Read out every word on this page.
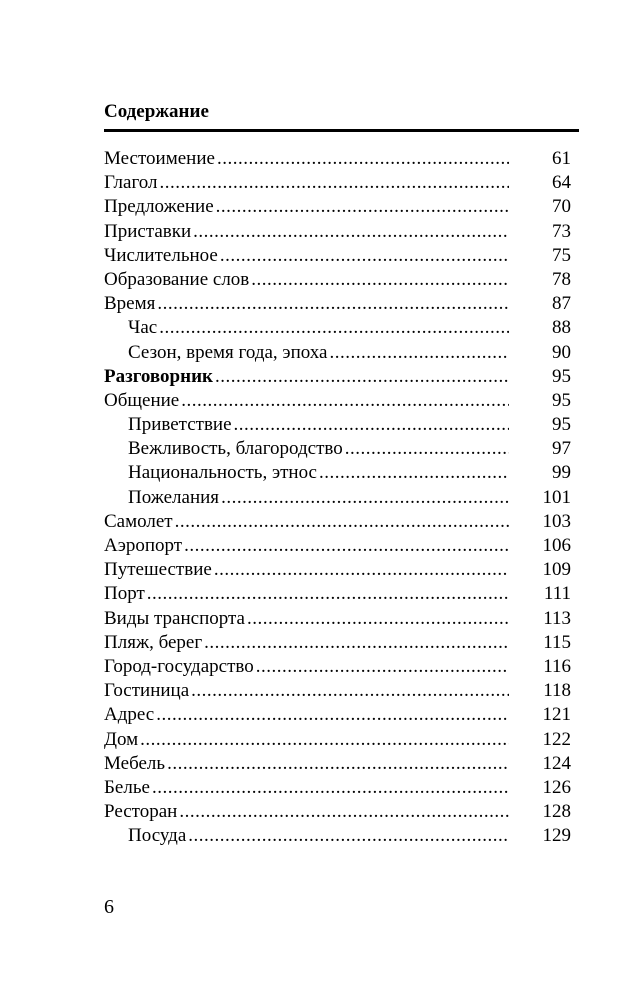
Содержание
Местоимение .....	61
Глагол .....	64
Предложение .....	70
Приставки .....	73
Числительное .....	75
Образование слов .....	78
Время .....	87
Час .....	88
Сезон, время года, эпоха .....	90
Разговорник .....	95
Общение .....	95
Приветствие .....	95
Вежливость, благородство .....	97
Национальность, этнос .....	99
Пожелания .....	101
Самолет .....	103
Аэропорт .....	106
Путешествие .....	109
Порт .....	111
Виды транспорта .....	113
Пляж, берег .....	115
Город-государство .....	116
Гостиница .....	118
Адрес .....	121
Дом .....	122
Мебель .....	124
Белье .....	126
Ресторан .....	128
Посуда .....	129
6
